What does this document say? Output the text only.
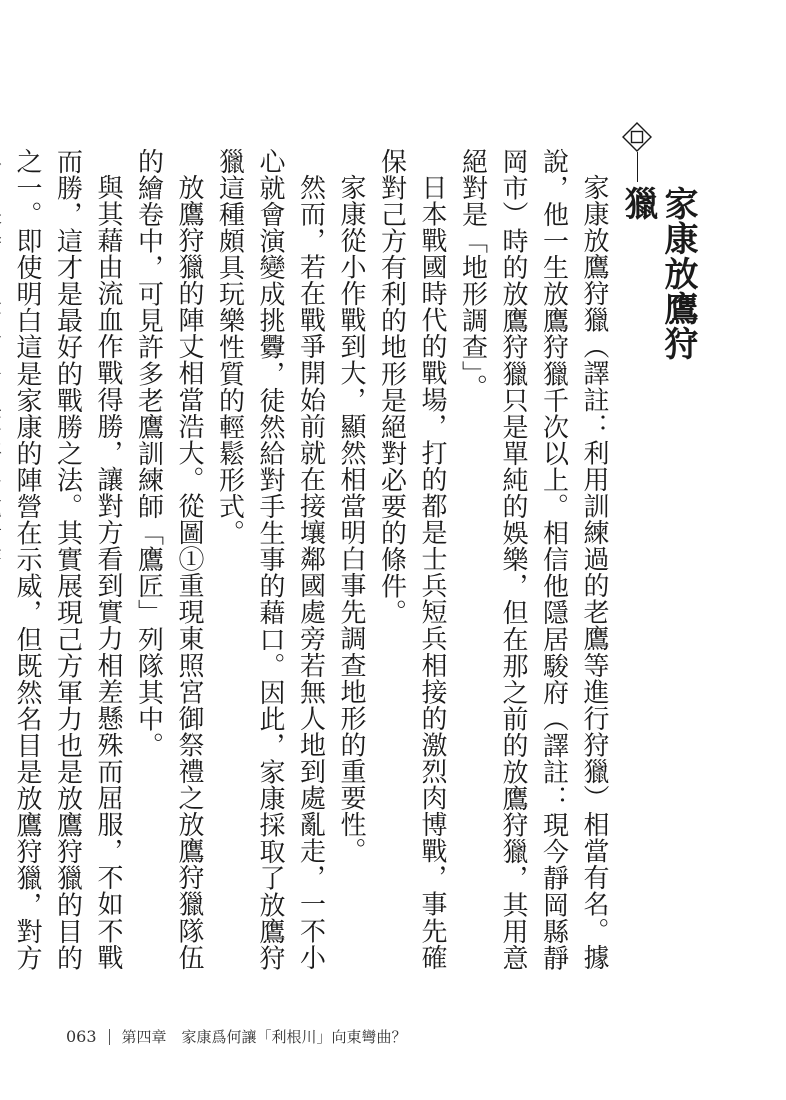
家康放鷹狩獵

家康放鷹狩獵（譯註：利用訓練過的老鷹等進行狩獵）相當有名。據說，他一生放鷹狩獵千次以上。相信他隱居駿府（譯註：現今靜岡縣靜岡市）時的放鷹狩獵只是單純的娛樂，但在那之前的放鷹狩獵，其用意絕對是「地形調查」。

日本戰國時代的戰場，打的都是士兵短兵相接的激烈肉博戰，事先確保對己方有利的地形是絕對必要的條件。

家康從小作戰到大，顯然相當明白事先調查地形的重要性。

然而，若在戰爭開始前就在接壤鄰國處旁若無人地到處亂走，一不小心就會演變成挑釁，徒然給對手生事的藉口。因此，家康採取了放鷹狩獵這種頗具玩樂性質的輕鬆形式。

放鷹狩獵的陣丈相當浩大。從圖①重現東照宮御祭禮之放鷹狩獵隊伍的繪卷中，可見許多老鷹訓練師「鷹匠」列隊其中。

與其藉由流血作戰得勝，讓對方看到實力相差懸殊而屈服，不如不戰而勝，這才是最好的戰勝之法。其實展現己方軍力也是放鷹狩獵的目的之一。即使明白這是家康的陣營在示威，但既然名目是放鷹狩獵，對方

063 第四章　家康爲何讓「利根川」向東彎曲？
